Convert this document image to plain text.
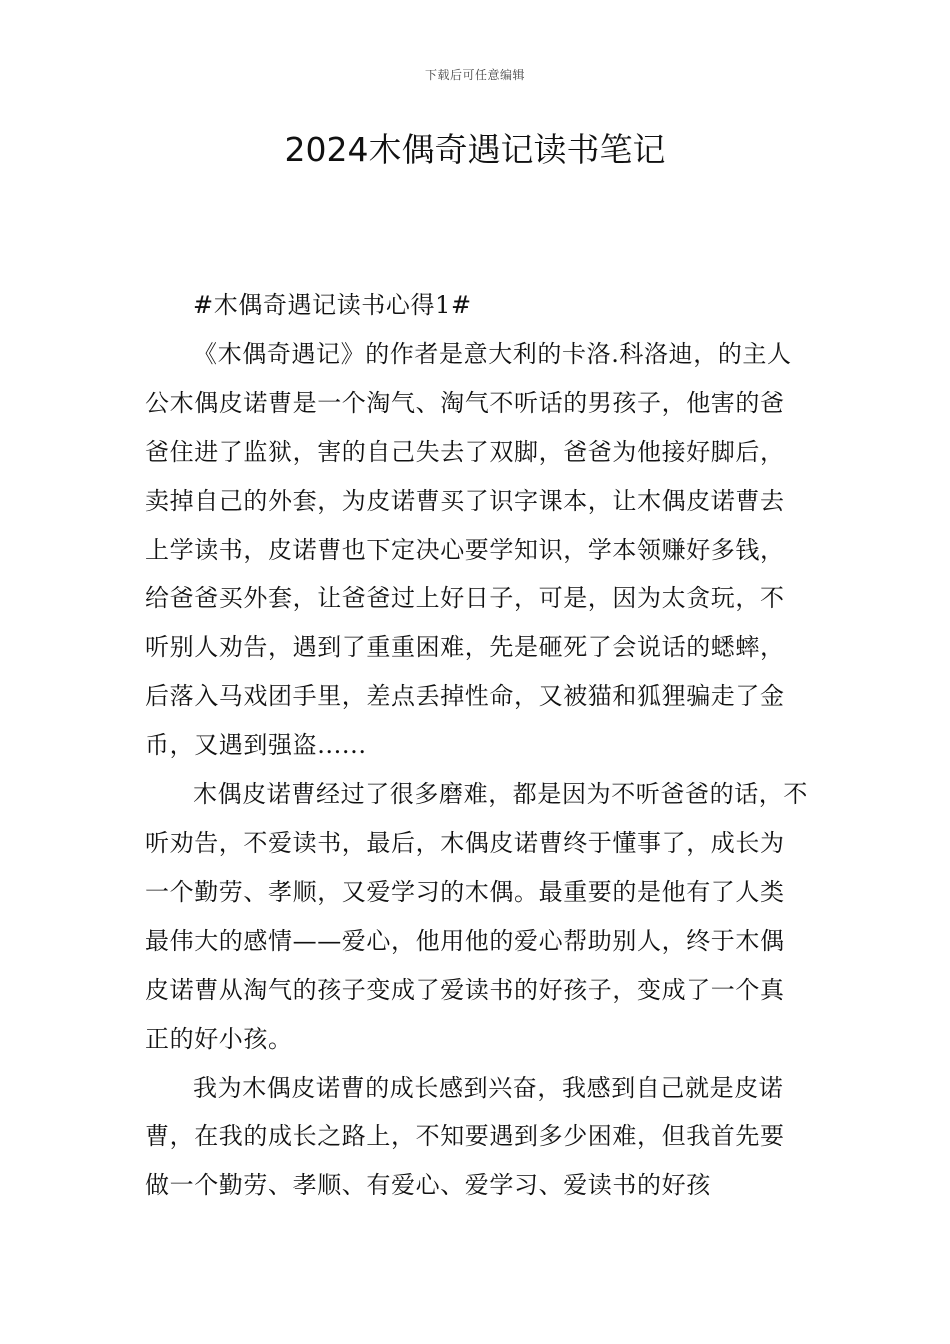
下载后可任意编辑
2024木偶奇遇记读书笔记

#木偶奇遇记读书心得1#

《木偶奇遇记》的作者是意大利的卡洛.科洛迪，的主人公木偶皮诺曹是一个淘气、淘气不听话的男孩子，他害的爸爸住进了监狱，害的自己失去了双脚，爸爸为他接好脚后，卖掉自己的外套，为皮诺曹买了识字课本，让木偶皮诺曹去上学读书，皮诺曹也下定决心要学知识，学本领赚好多钱，给爸爸买外套，让爸爸过上好日子，可是，因为太贪玩，不听别人劝告，遇到了重重困难，先是砸死了会说话的蟋蟀，后落入马戏团手里，差点丢掉性命，又被猫和狐狸骗走了金币，又遇到强盗......

木偶皮诺曹经过了很多磨难，都是因为不听爸爸的话，不听劝告，不爱读书，最后，木偶皮诺曹终于懂事了，成长为一个勤劳、孝顺，又爱学习的木偶。最重要的是他有了人类最伟大的感情——爱心，他用他的爱心帮助别人，终于木偶皮诺曹从淘气的孩子变成了爱读书的好孩子，变成了一个真正的好小孩。

我为木偶皮诺曹的成长感到兴奋，我感到自己就是皮诺曹，在我的成长之路上，不知要遇到多少困难，但我首先要做一个勤劳、孝顺、有爱心、爱学习、爱读书的好孩
